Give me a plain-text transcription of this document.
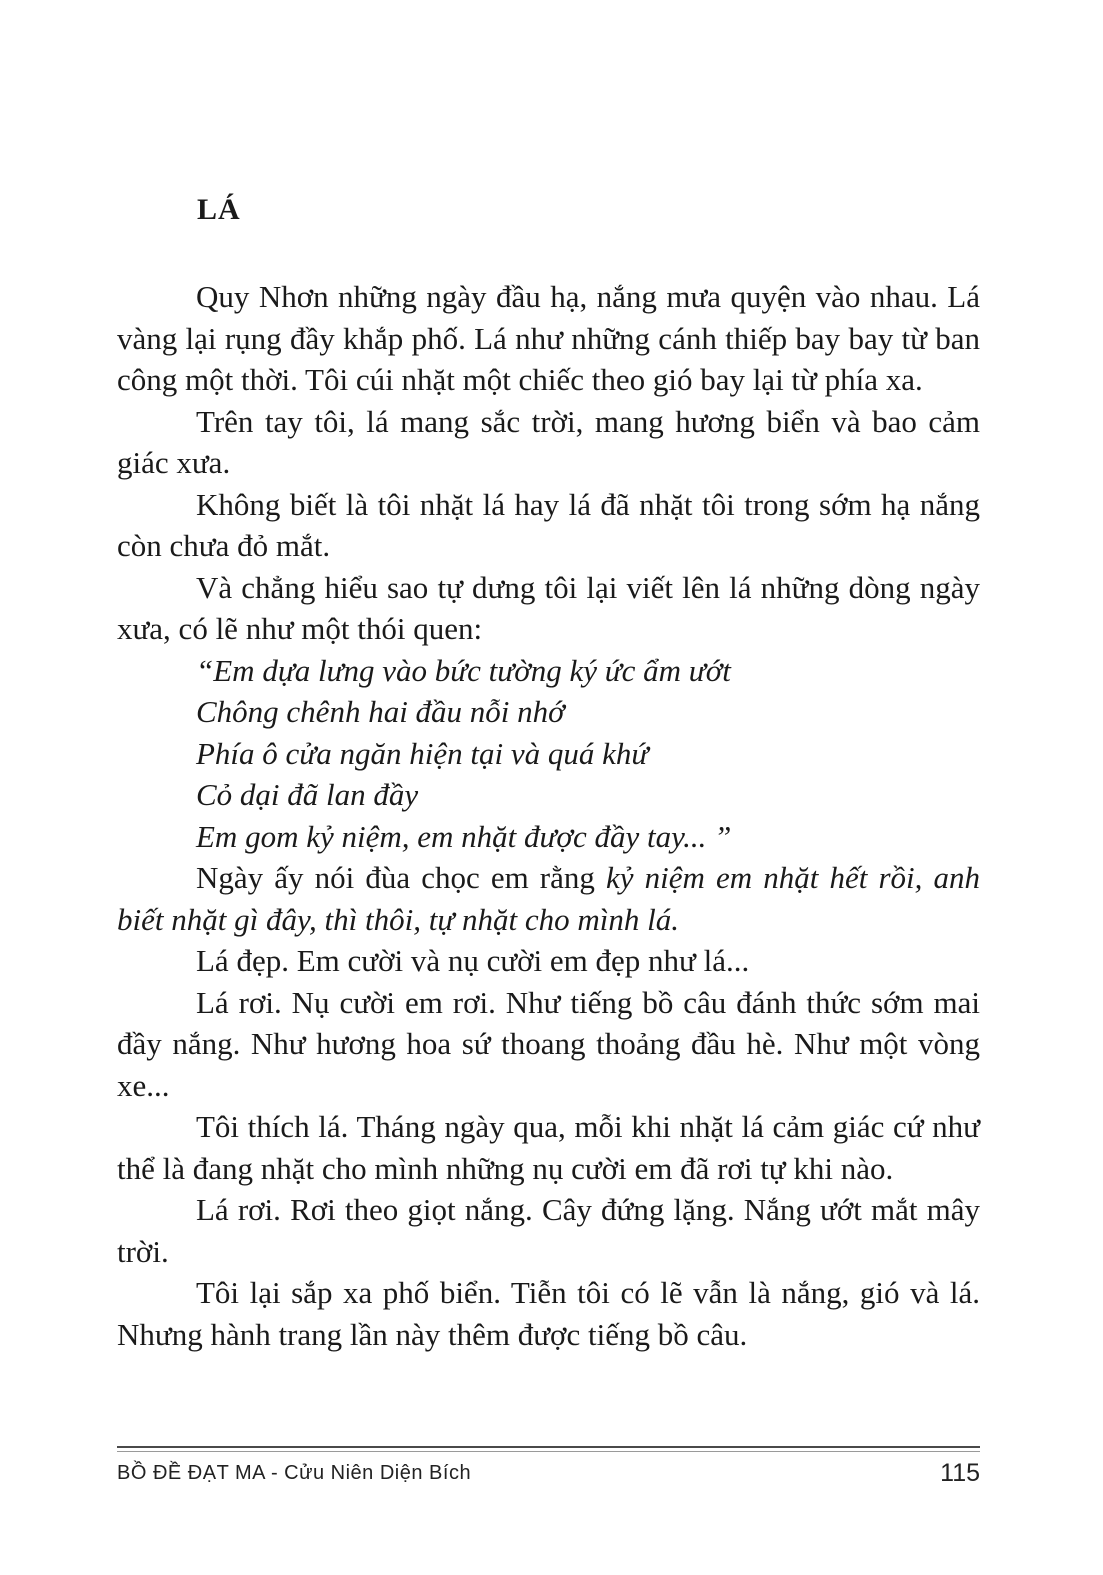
LÁ

Quy Nhơn những ngày đầu hạ, nắng mưa quyện vào nhau. Lá vàng lại rụng đầy khắp phố. Lá như những cánh thiếp bay bay từ ban công một thời. Tôi cúi nhặt một chiếc theo gió bay lại từ phía xa.

Trên tay tôi, lá mang sắc trời, mang hương biển và bao cảm giác xưa.

Không biết là tôi nhặt lá hay lá đã nhặt tôi trong sớm hạ nắng còn chưa đỏ mắt.

Và chẳng hiểu sao tự dưng tôi lại viết lên lá những dòng ngày xưa, có lẽ như một thói quen:

“Em dựa lưng vào bức tường ký ức ẩm ướt
Chông chênh hai đầu nỗi nhớ
Phía ô cửa ngăn hiện tại và quá khứ
Cỏ dại đã lan đầy
Em gom kỷ niệm, em nhặt được đầy tay... ”

Ngày ấy nói đùa chọc em rằng kỷ niệm em nhặt hết rồi, anh biết nhặt gì đây, thì thôi, tự nhặt cho mình lá.

Lá đẹp. Em cười và nụ cười em đẹp như lá...

Lá rơi. Nụ cười em rơi. Như tiếng bồ câu đánh thức sớm mai đầy nắng. Như hương hoa sứ thoang thoảng đầu hè. Như một vòng xe...

Tôi thích lá. Tháng ngày qua, mỗi khi nhặt lá cảm giác cứ như thể là đang nhặt cho mình những nụ cười em đã rơi tự khi nào.

Lá rơi. Rơi theo giọt nắng. Cây đứng lặng. Nắng ướt mắt mây trời.

Tôi lại sắp xa phố biển. Tiễn tôi có lẽ vẫn là nắng, gió và lá. Nhưng hành trang lần này thêm được tiếng bồ câu.

BỒ ĐỀ ĐẠT MA - Cửu Niên Diện Bích	115
